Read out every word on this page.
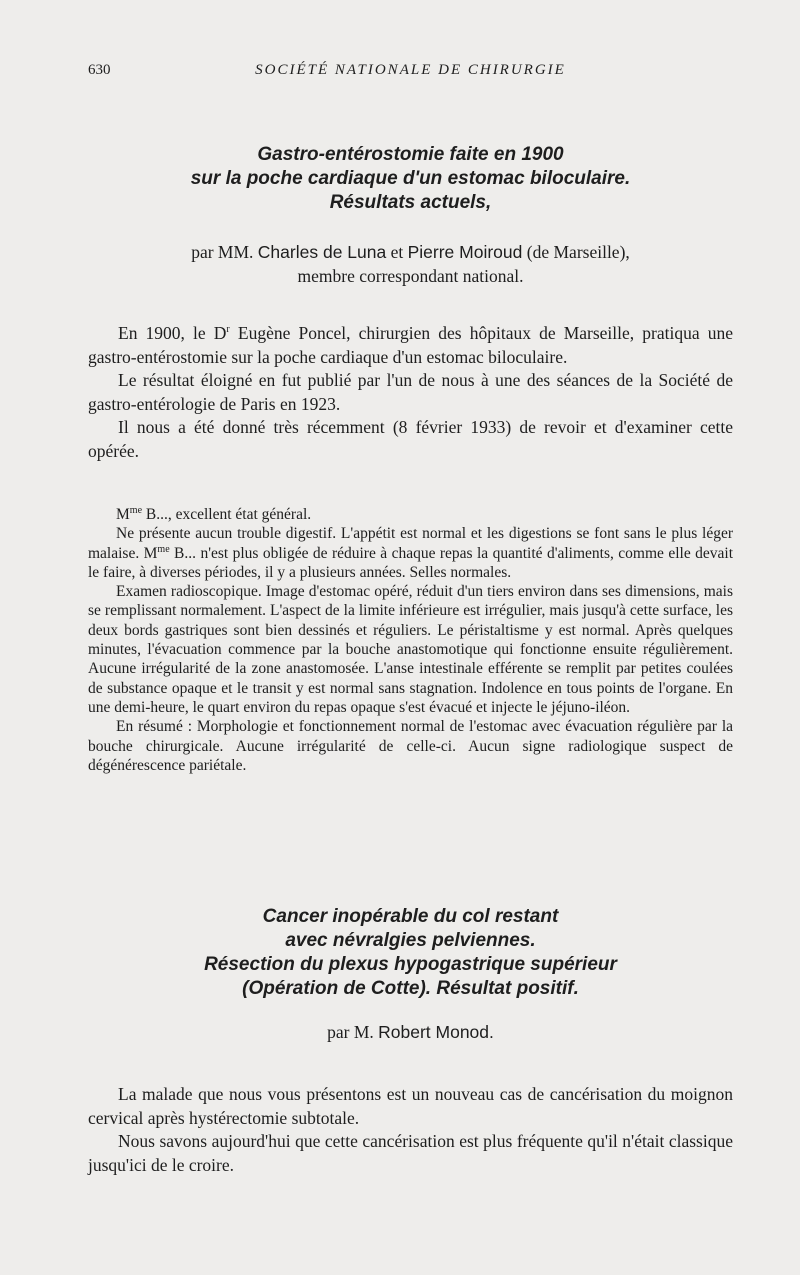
630	SOCIÉTÉ NATIONALE DE CHIRURGIE
Gastro-entérostomie faite en 1900
sur la poche cardiaque d'un estomac biloculaire.
Résultats actuels,
par MM. Charles de Luna et Pierre Moiroud (de Marseille),
membre correspondant national.

En 1900, le $D^r$ Eugène Poncel, chirurgien des hôpitaux de Marseille, pratiqua une gastro-entérostomie sur la poche cardiaque d'un estomac biloculaire.

Le résultat éloigné en fut publié par l'un de nous à une des séances de la Société de gastro-entérologie de Paris en 1923.

Il nous a été donné très récemment (8 février 1933) de revoir et d'examiner cette opérée.

$M^{me}$ B..., excellent état général.

Ne présente aucun trouble digestif. L'appétit est normal et les digestions se font sans le plus léger malaise. $M^{me}$ B... n'est plus obligée de réduire à chaque repas la quantité d'aliments, comme elle devait le faire, à diverses périodes, il y a plusieurs années. Selles normales.

Examen radioscopique. Image d'estomac opéré, réduit d'un tiers environ dans ses dimensions, mais se remplissant normalement. L'aspect de la limite inférieure est irrégulier, mais jusqu'à cette surface, les deux bords gastriques sont bien dessinés et réguliers. Le péristaltisme y est normal. Après quelques minutes, l'évacuation commence par la bouche anastomotique qui fonctionne ensuite régulièrement. Aucune irrégularité de la zone anastomosée. L'anse intestinale efférente se remplit par petites coulées de substance opaque et le transit y est normal sans stagnation. Indolence en tous points de l'organe. En une demi-heure, le quart environ du repas opaque s'est évacué et injecte le jéjuno-iléon.

En résumé : Morphologie et fonctionnement normal de l'estomac avec évacuation régulière par la bouche chirurgicale. Aucune irrégularité de celle-ci. Aucun signe radiologique suspect de dégénérescence pariétale.

Cancer inopérable du col restant
avec névralgies pelviennes.
Résection du plexus hypogastrique supérieur
(Opération de Cotte). Résultat positif.
par M. Robert Monod.

La malade que nous vous présentons est un nouveau cas de cancérisation du moignon cervical après hystérectomie subtotale.

Nous savons aujourd'hui que cette cancérisation est plus fréquente qu'il n'était classique jusqu'ici de le croire.
